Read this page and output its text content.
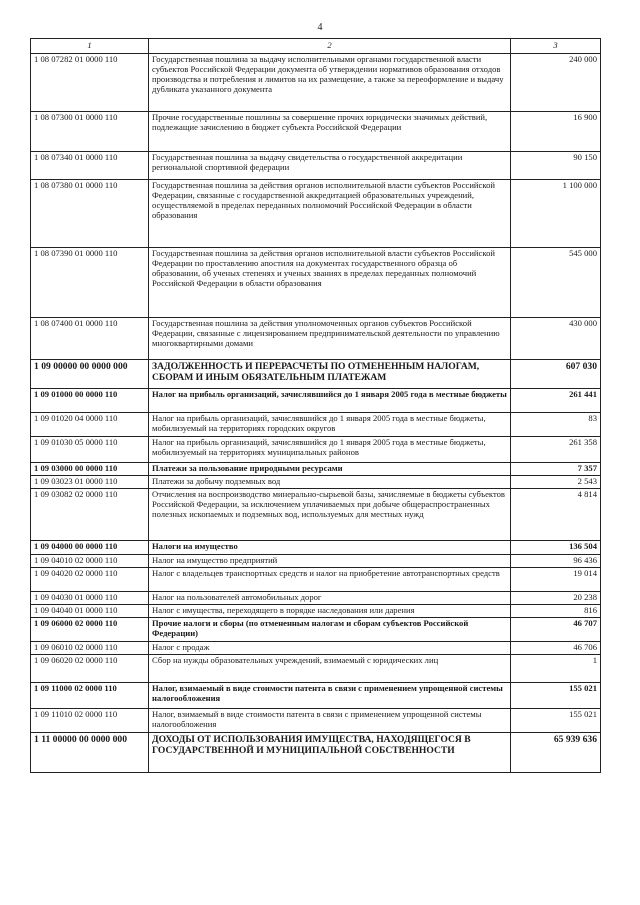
4
1	2	3
1 08 07282 01 0000 110	Государственная пошлина за выдачу исполнительными органами государственной власти субъектов Российской Федерации документа об утверждении нормативов образования отходов производства и потребления и лимитов на их размещение, а также за переоформление и выдачу дубликата указанного документа	240 000
1 08 07300 01 0000 110	Прочие государственные пошлины за совершение прочих юридически значимых действий, подлежащие зачислению в бюджет субъекта Российской Федерации	16 900
1 08 07340 01 0000 110	Государственная пошлина за выдачу свидетельства о государственной аккредитации региональной спортивной федерации	90 150
1 08 07380 01 0000 110	Государственная пошлина за действия органов исполнительной власти субъектов Российской Федерации, связанные с государственной аккредитацией образовательных учреждений, осуществляемой в пределах переданных полномочий Российской Федерации в области образования	1 100 000
1 08 07390 01 0000 110	Государственная пошлина за действия органов исполнительной власти субъектов Российской Федерации по проставлению апостиля на документах государственного образца об образовании, об ученых степенях и ученых званиях в пределах переданных полномочий Российской Федерации в области образования	545 000
1 08 07400 01 0000 110	Государственная пошлина за действия уполномоченных органов субъектов Российской Федерации, связанные с лицензированием предпринимательской деятельности по управлению многоквартирными домами	430 000
1 09 00000 00 0000 000	ЗАДОЛЖЕННОСТЬ И ПЕРЕРАСЧЕТЫ ПО ОТМЕНЕННЫМ НАЛОГАМ, СБОРАМ И ИНЫМ ОБЯЗАТЕЛЬНЫМ ПЛАТЕЖАМ	607 030
1 09 01000 00 0000 110	Налог на прибыль организаций, зачислявшийся до 1 января 2005 года в местные бюджеты	261 441
1 09 01020 04 0000 110	Налог на прибыль организаций, зачислявшийся до 1 января 2005 года в местные бюджеты, мобилизуемый на территориях городских округов	83
1 09 01030 05 0000 110	Налог на прибыль организаций, зачислявшийся до 1 января 2005 года в местные бюджеты, мобилизуемый на территориях муниципальных районов	261 358
1 09 03000 00 0000 110	Платежи за пользование природными ресурсами	7 357
1 09 03023 01 0000 110	Платежи за добычу подземных вод	2 543
1 09 03082 02 0000 110	Отчисления на воспроизводство минерально-сырьевой базы, зачисляемые в бюджеты субъектов Российской Федерации, за исключением уплачиваемых при добыче общераспространенных полезных ископаемых и подземных вод, используемых для местных нужд	4 814
1 09 04000 00 0000 110	Налоги на имущество	136 504
1 09 04010 02 0000 110	Налог на имущество предприятий	96 436
1 09 04020 02 0000 110	Налог с владельцев транспортных средств и налог на приобретение автотранспортных средств	19 014
1 09 04030 01 0000 110	Налог на пользователей автомобильных дорог	20 238
1 09 04040 01 0000 110	Налог с имущества, переходящего в порядке наследования или дарения	816
1 09 06000 02 0000 110	Прочие налоги и сборы (по отмененным налогам и сборам субъектов Российской Федерации)	46 707
1 09 06010 02 0000 110	Налог с продаж	46 706
1 09 06020 02 0000 110	Сбор на нужды образовательных учреждений, взимаемый с юридических лиц	1
1 09 11000 02 0000 110	Налог, взимаемый в виде стоимости патента в связи с применением упрощенной системы налогообложения	155 021
1 09 11010 02 0000 110	Налог, взимаемый в виде стоимости патента в связи с применением упрощенной системы налогообложения	155 021
1 11 00000 00 0000 000	ДОХОДЫ ОТ ИСПОЛЬЗОВАНИЯ ИМУЩЕСТВА, НАХОДЯЩЕГОСЯ В ГОСУДАРСТВЕННОЙ И МУНИЦИПАЛЬНОЙ СОБСТВЕННОСТИ	65 939 636
